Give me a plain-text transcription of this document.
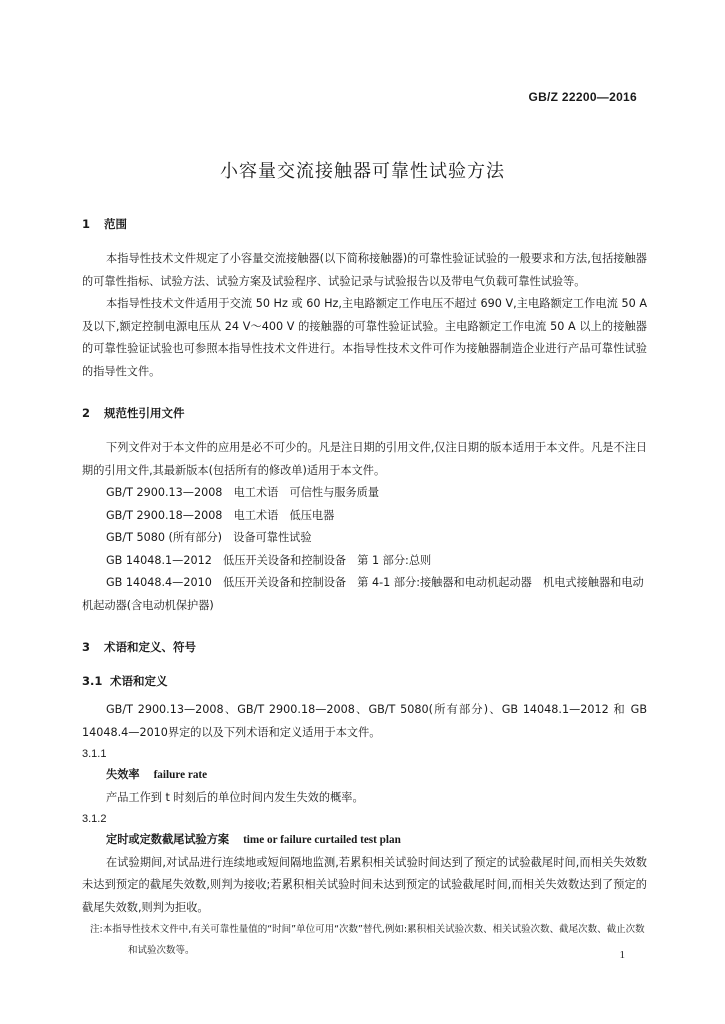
GB/Z 22200—2016
小容量交流接触器可靠性试验方法

1 范围

本指导性技术文件规定了小容量交流接触器(以下简称接触器)的可靠性验证试验的一般要求和方法,包括接触器的可靠性指标、试验方法、试验方案及试验程序、试验记录与试验报告以及带电气负载可靠性试验等。

本指导性技术文件适用于交流 50 Hz 或 60 Hz,主电路额定工作电压不超过 690 V,主电路额定工作电流 50 A 及以下,额定控制电源电压从 24 V～400 V 的接触器的可靠性验证试验。主电路额定工作电流 50 A 以上的接触器的可靠性验证试验也可参照本指导性技术文件进行。本指导性技术文件可作为接触器制造企业进行产品可靠性试验的指导性文件。

2 规范性引用文件

下列文件对于本文件的应用是必不可少的。凡是注日期的引用文件,仅注日期的版本适用于本文件。凡是不注日期的引用文件,其最新版本(包括所有的修改单)适用于本文件。

GB/T 2900.13—2008　电工术语　可信性与服务质量

GB/T 2900.18—2008　电工术语　低压电器

GB/T 5080 (所有部分)　设备可靠性试验

GB 14048.1—2012　低压开关设备和控制设备　第 1 部分:总则

GB 14048.4—2010　低压开关设备和控制设备　第 4-1 部分:接触器和电动机起动器　机电式接触器和电动机起动器(含电动机保护器)

3 术语和定义、符号

3.1 术语和定义

GB/T 2900.13—2008、GB/T 2900.18—2008、GB/T 5080(所有部分)、GB 14048.1—2012 和 GB 14048.4—2010界定的以及下列术语和定义适用于本文件。

3.1.1

失效率 failure rate

产品工作到 t 时刻后的单位时间内发生失效的概率。

3.1.2

定时或定数截尾试验方案 time or failure curtailed test plan

在试验期间,对试品进行连续地或短间隔地监测,若累积相关试验时间达到了预定的试验截尾时间,而相关失效数未达到预定的截尾失效数,则判为接收;若累积相关试验时间未达到预定的试验截尾时间,而相关失效数达到了预定的截尾失效数,则判为拒收。

注:本指导性技术文件中,有关可靠性量值的“时间”单位可用“次数”替代,例如:累积相关试验次数、相关试验次数、截尾次数、截止次数和试验次数等。	1
